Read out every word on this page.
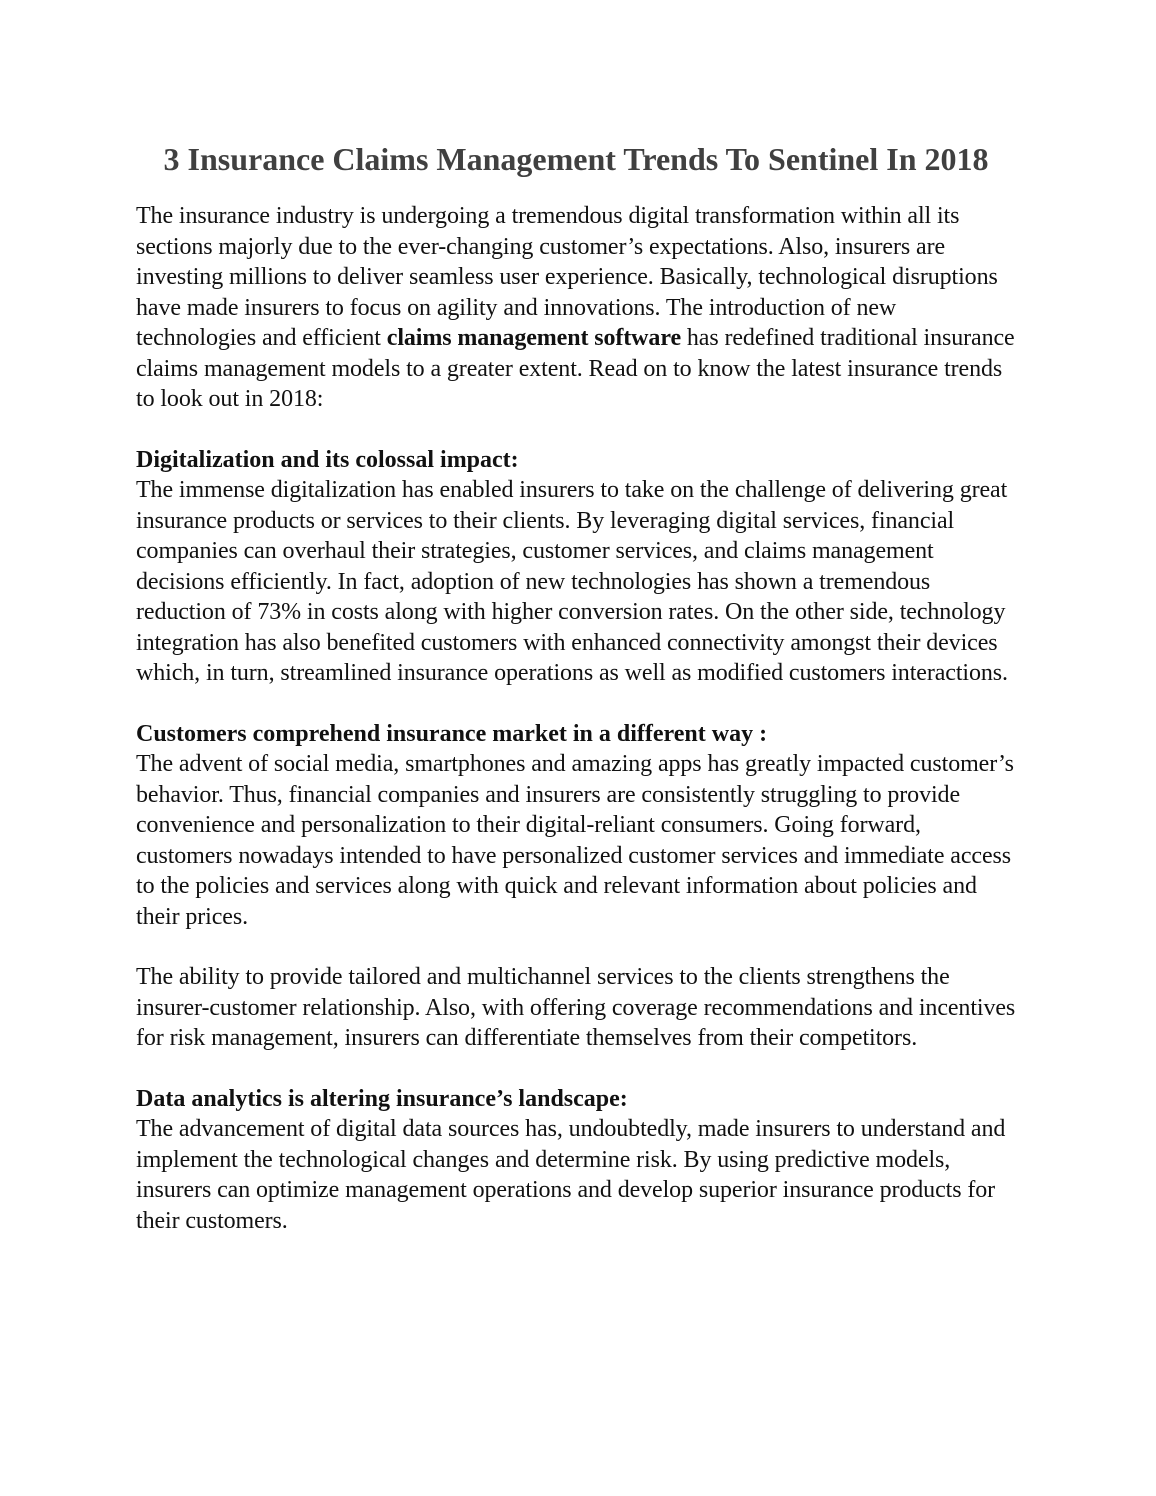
3 Insurance Claims Management Trends To Sentinel In 2018

The insurance industry is undergoing a tremendous digital transformation within all its sections majorly due to the ever-changing customer’s expectations. Also, insurers are investing millions to deliver seamless user experience. Basically, technological disruptions have made insurers to focus on agility and innovations. The introduction of new technologies and efficient claims management software has redefined traditional insurance claims management models to a greater extent. Read on to know the latest insurance trends to look out in 2018:

Digitalization and its colossal impact:

The immense digitalization has enabled insurers to take on the challenge of delivering great insurance products or services to their clients. By leveraging digital services, financial companies can overhaul their strategies, customer services, and claims management decisions efficiently. In fact, adoption of new technologies has shown a tremendous reduction of 73% in costs along with higher conversion rates. On the other side, technology integration has also benefited customers with enhanced connectivity amongst their devices which, in turn, streamlined insurance operations as well as modified customers interactions.

Customers comprehend insurance market in a different way :

The advent of social media, smartphones and amazing apps has greatly impacted customer’s behavior. Thus, financial companies and insurers are consistently struggling to provide convenience and personalization to their digital-reliant consumers. Going forward, customers nowadays intended to have personalized customer services and immediate access to the policies and services along with quick and relevant information about policies and their prices.

The ability to provide tailored and multichannel services to the clients strengthens the insurer-customer relationship. Also, with offering coverage recommendations and incentives for risk management, insurers can differentiate themselves from their competitors.

Data analytics is altering insurance’s landscape:

The advancement of digital data sources has, undoubtedly, made insurers to understand and implement the technological changes and determine risk. By using predictive models, insurers can optimize management operations and develop superior insurance products for their customers.
